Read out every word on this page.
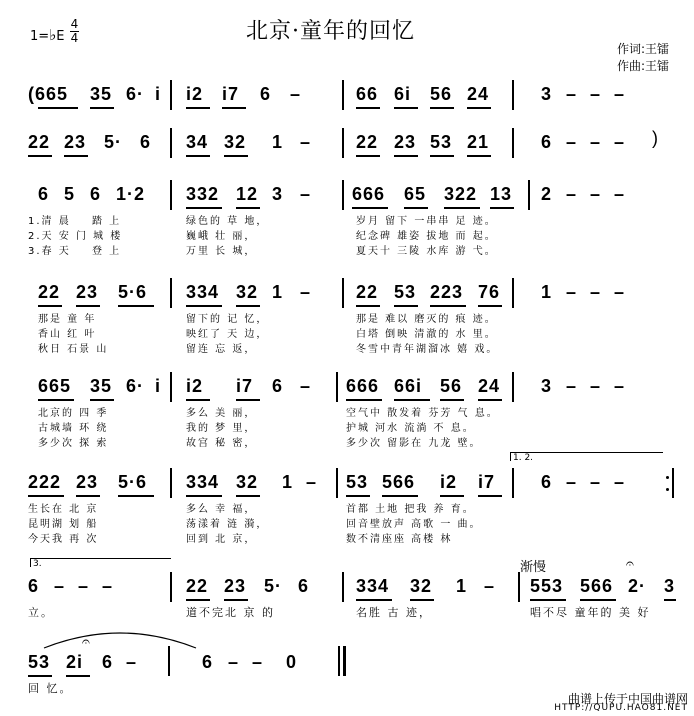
1=♭E
4
4	北京·童年的回忆
作词:王镭
作曲:王镭
(665 35 6· i i2 i7 6 –	66 6i 56 24	3 – – –
22 23 5· 6 34 32 1 – 22 23 53 21	6 – – – )
6 5 6 1·2 332 12 3 – 666 65 322 13 2 – – –
1.清 晨 踏 上	绿色的 草 地，	岁月 留下 一串串 足 迹。
2.天 安 门 城 楼	巍峨 壮 丽，	纪念碑 雄姿 拔地 而 起。
3.春 天 登 上	万里 长 城，	夏天十 三陵 水库 游 弋。
22 23 5·6 334 32 1 – 22 53 223 76 1 – – –
那是 童 年	留下的 记 忆，	那是 难以 磨灭的 痕 迹。
香山 红 叶	映红了 天 边，	白塔 倒映 清澈的 水 里。
秋日 石景 山	留连 忘 返，	冬雪中青年湖溜冰 嬉 戏。
665 35 6· i i2 i7 6 – 666 66i 56 24 3 – – –
北京的 四 季	多么 美 丽，	空气中 散发着 芬芳 气 息。
古城墙 环 绕	我的 梦 里，	护城 河水 流淌 不 息。
多少次 探 索	故宫 秘 密，	多少次 留影在 九龙 壁。
1. 2.
222 23 5·6 334 32 1 – 53 566 i2 i7	6 – – –
生长在 北 京	多么 幸 福，	首都 土地 把我 养 育。
昆明湖 划 船	荡漾着 涟 漪，	回音壁放声 高歌 一 曲。
今天我 再 次	回到 北 京，	数不清座座 高楼 林
3.	渐慢	𝄐
6 – – –	22 23 5· 6	334 32 1 – 553 566 2· 3
立。	道不完北 京 的	名胜 古 迹，	唱不尽 童年的 美 好
𝄐
53 2i 6 –	6 – – 0
回 忆。
曲谱上传于中国曲谱网
HTTP://QUPU.HAO81.NET
